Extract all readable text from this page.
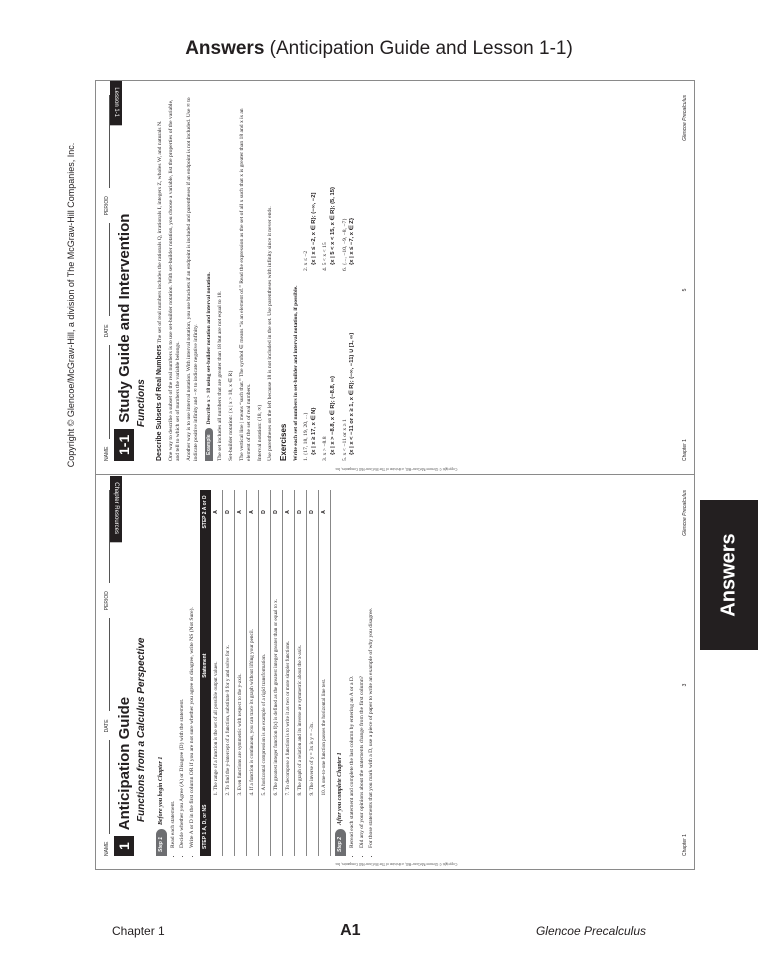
Answers (Anticipation Guide and Lesson 1-1)
Copyright © Glencoe/McGraw-Hill, a division of The McGraw-Hill Companies, Inc.
Copyright © Glencoe/McGraw-Hill, a division of The McGraw-Hill Companies, Inc.
NAME
DATE
PERIOD
1-1
Study Guide and Intervention Functions
Lesson 1-1
Describe Subsets of Real Numbers The set of real numbers includes the rationals Q, irrationals I, integers Z, wholes W, and naturals N. One way to describe a subset of the real numbers is to use set-builder notation. With set-builder notation, you choose a variable, list the properties of the variable, and tell to which set of numbers the variable belongs. Another way is to use interval notation. With interval notation, you use brackets if an endpoint is included and parentheses if an endpoint is not included. Use ∞ to indicate positive infinity and −∞ to indicate negative infinity.	ExampleDescribe x > 18 using set-builder notation and interval notation.	The set includes all numbers that are greater than 18 but are not equal to 18. Set-builder notation: {x | x > 18, x ∈ R} The vertical line | means “such that.” The symbol ∈ means “is an element of.” Read the expression as the set of all x such that x is greater than 18 and x is an element of the set of real numbers. Interval notation: (18, ∞) Use parentheses on the left because 18 is not included in the set. Use parentheses with infinity since it never ends. Exercises Write each set of numbers in set-builder and interval notation, if possible. 1. {17, 18, 19, 20, ...} {x | x ≥ 17, x ∈ N}
2. x ≤ −2 {x | x ≤ −2, x ∈ R}; (−∞, −2]
3. x > −8.8 {x | x > −8.8, x ∈ R}; (−8.8, ∞)
4. 5 < x < 15 {x | 5 < x < 15, x ∈ R}; (5, 15)
5. x < −11 or x ≥ 1 {x | x < −11 or x ≥ 1, x ∈ R}; (−∞, −11) ∪ [1, ∞)
6. {..., −10, −9, −8, −7} {x | x ≤ −7, x ∈ Z}
Chapter 1
5
Glencoe Precalculus
Copyright © Glencoe/McGraw-Hill, a division of The McGraw-Hill Companies, Inc.
NAME
DATE
PERIOD
1
Anticipation Guide Functions from a Calculus Perspective
Chapter Resources
Step 1Before you begin Chapter 1	• Read each statement. • Decide whether you Agree (A) or Disagree (D) with the statement. • Write A or D in the first column OR if you are not sure whether you agree or disagree, write NS (Not Sure).	STEP 1 A, D, or NS	Statement	STEP 2 A or D
	1. The range of a function is the set of all possible output values.	A
	2. To find the y-intercept of a function, substitute 0 for y and solve for x.	D
	3. Even functions are symmetric with respect to the y-axis.	A
	4. If a function is continuous, you can trace its graph without lifting your pencil.	A
	5. A horizontal compression is an example of a rigid transformation.	D
	6. The greatest integer function f(x) is defined as the greatest integer greater than or equal to x.	D
	7. To decompose a function is to write it as two or more simpler functions.	A
	8. The graph of a relation and its inverse are symmetric about the x-axis.	D
	9. The inverse of y = 3x is y = −3x.	D
	10. A one-to-one function passes the horizontal line test.	A
Step 2After you complete Chapter 1	• Reread each statement and complete the last column by entering an A or a D. • Did any of your opinions about the statements change from the first column? • For those statements that you mark with a D, use a piece of paper to write an example of why you disagree.	Chapter 1
3
Glencoe Precalculus
Answers
Chapter 1	A1	Glencoe Precalculus
